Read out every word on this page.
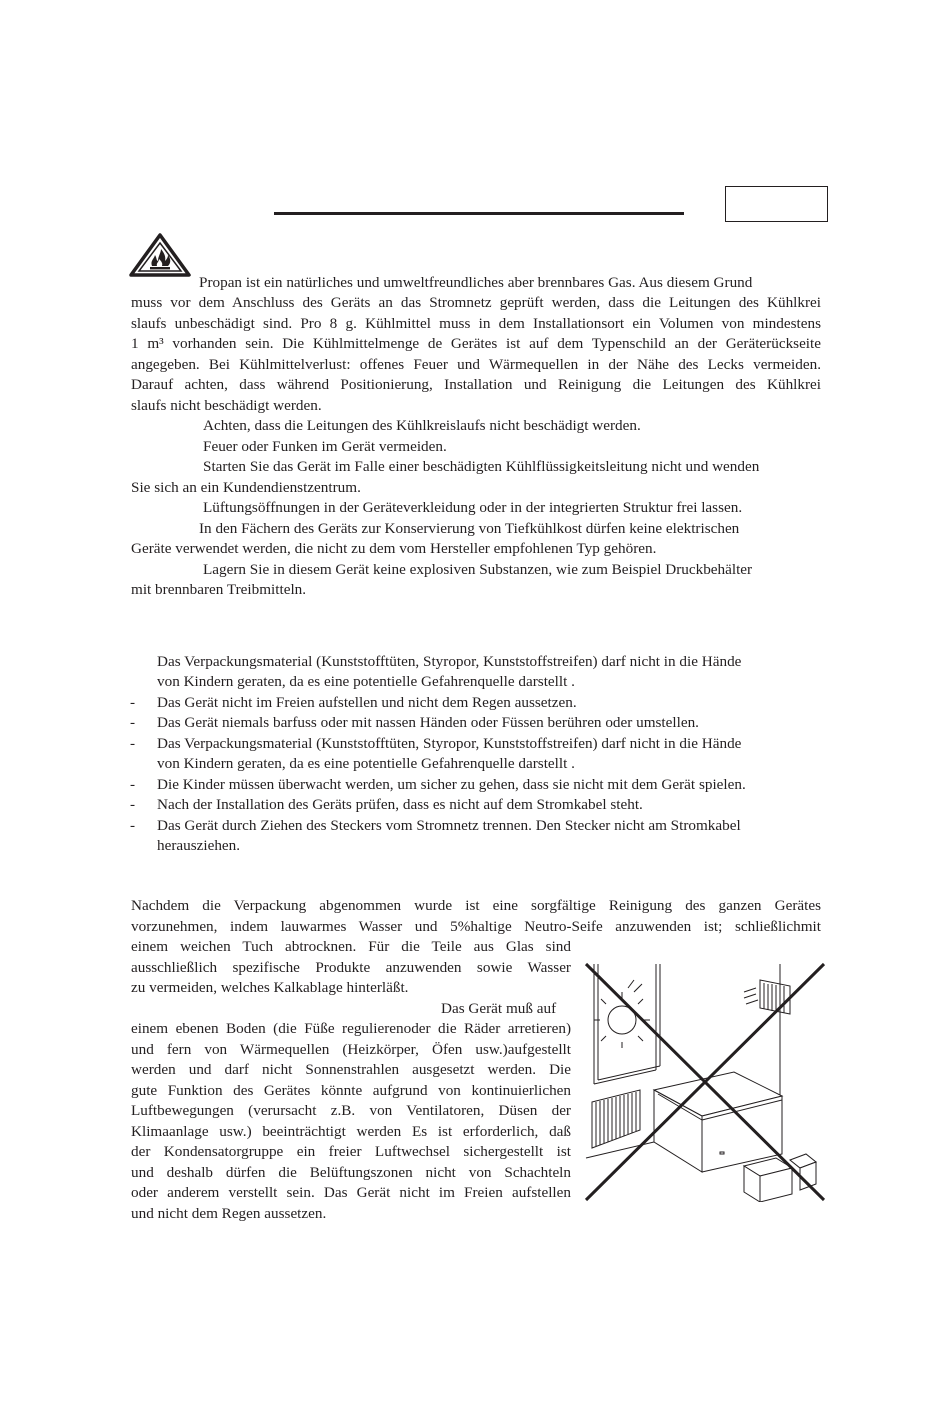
Propan ist ein natürliches und umweltfreundliches aber brennbares Gas. Aus diesem Grund
muss vor dem Anschluss des Geräts an das Stromnetz geprüft werden, dass die Leitungen des Kühlkrei
slaufs unbeschädigt sind. Pro 8 g. Kühlmittel muss in dem Installationsort ein Volumen von mindestens
1 m³ vorhanden sein. Die Kühlmittelmenge de Gerätes ist auf dem Typenschild an der Geräterückseite
angegeben. Bei Kühlmittelverlust: offenes Feuer und Wärmequellen in der Nähe des Lecks vermeiden.
Darauf achten, dass während Positionierung, Installation und Reinigung die Leitungen des Kühlkrei
slaufs nicht beschädigt werden.
Achten, dass die Leitungen des Kühlkreislaufs nicht beschädigt werden.
Feuer oder Funken im Gerät vermeiden.
Starten Sie das Gerät im Falle einer beschädigten Kühlflüssigkeitsleitung nicht und wenden
Sie sich an ein Kundendienstzentrum.
Lüftungsöffnungen in der Geräteverkleidung oder in der integrierten Struktur frei lassen.
In den Fächern des Geräts zur Konservierung von Tiefkühlkost dürfen keine elektrischen
Geräte verwendet werden, die nicht zu dem vom Hersteller empfohlenen Typ gehören.
Lagern Sie in diesem Gerät keine explosiven Substanzen, wie zum Beispiel Druckbehälter
mit brennbaren Treibmitteln.
Das Verpackungsmaterial (Kunststofftüten, Styropor, Kunststoffstreifen) darf nicht in die Hände
von Kindern geraten, da es eine potentielle Gefahrenquelle darstellt .
- Das Gerät nicht im Freien aufstellen und nicht dem Regen aussetzen.
- Das Gerät niemals barfuss oder mit nassen Händen oder Füssen berühren oder umstellen.
- Das Verpackungsmaterial (Kunststofftüten, Styropor, Kunststoffstreifen) darf nicht in die Hände
von Kindern geraten, da es eine potentielle Gefahrenquelle darstellt .
- Die Kinder müssen überwacht werden, um sicher zu gehen, dass sie nicht mit dem Gerät spielen.
- Nach der Installation des Geräts prüfen, dass es nicht auf dem Stromkabel steht.
- Das Gerät durch Ziehen des Steckers vom Stromnetz trennen. Den Stecker nicht am Stromkabel
herausziehen.
Nachdem die Verpackung abgenommen wurde ist eine sorgfältige Reinigung des ganzen Gerätes
vorzunehmen, indem lauwarmes Wasser und 5%haltige Neutro-Seife anzuwenden ist; schließlichmit
einem weichen Tuch abtrocknen. Für die Teile aus Glas sind
ausschließlich spezifische Produkte anzuwenden sowie Wasser
zu vermeiden, welches Kalkablage hinterläßt.
Das Gerät muß auf
einem ebenen Boden (die Füße regulierenoder die Räder arretieren)
und fern von Wärmequellen (Heizkörper, Öfen usw.)aufgestellt
werden und darf nicht Sonnenstrahlen ausgesetzt werden. Die
gute Funktion des Gerätes könnte aufgrund von kontinuierlichen
Luftbewegungen (verursacht z.B. von Ventilatoren, Düsen der
Klimaanlage usw.) beeinträchtigt werden Es ist erforderlich, daß
der Kondensatorgruppe ein freier Luftwechsel sichergestellt ist
und deshalb dürfen die Belüftungszonen nicht von Schachteln
oder anderem verstellt sein. Das Gerät nicht im Freien aufstellen
und nicht dem Regen aussetzen.
